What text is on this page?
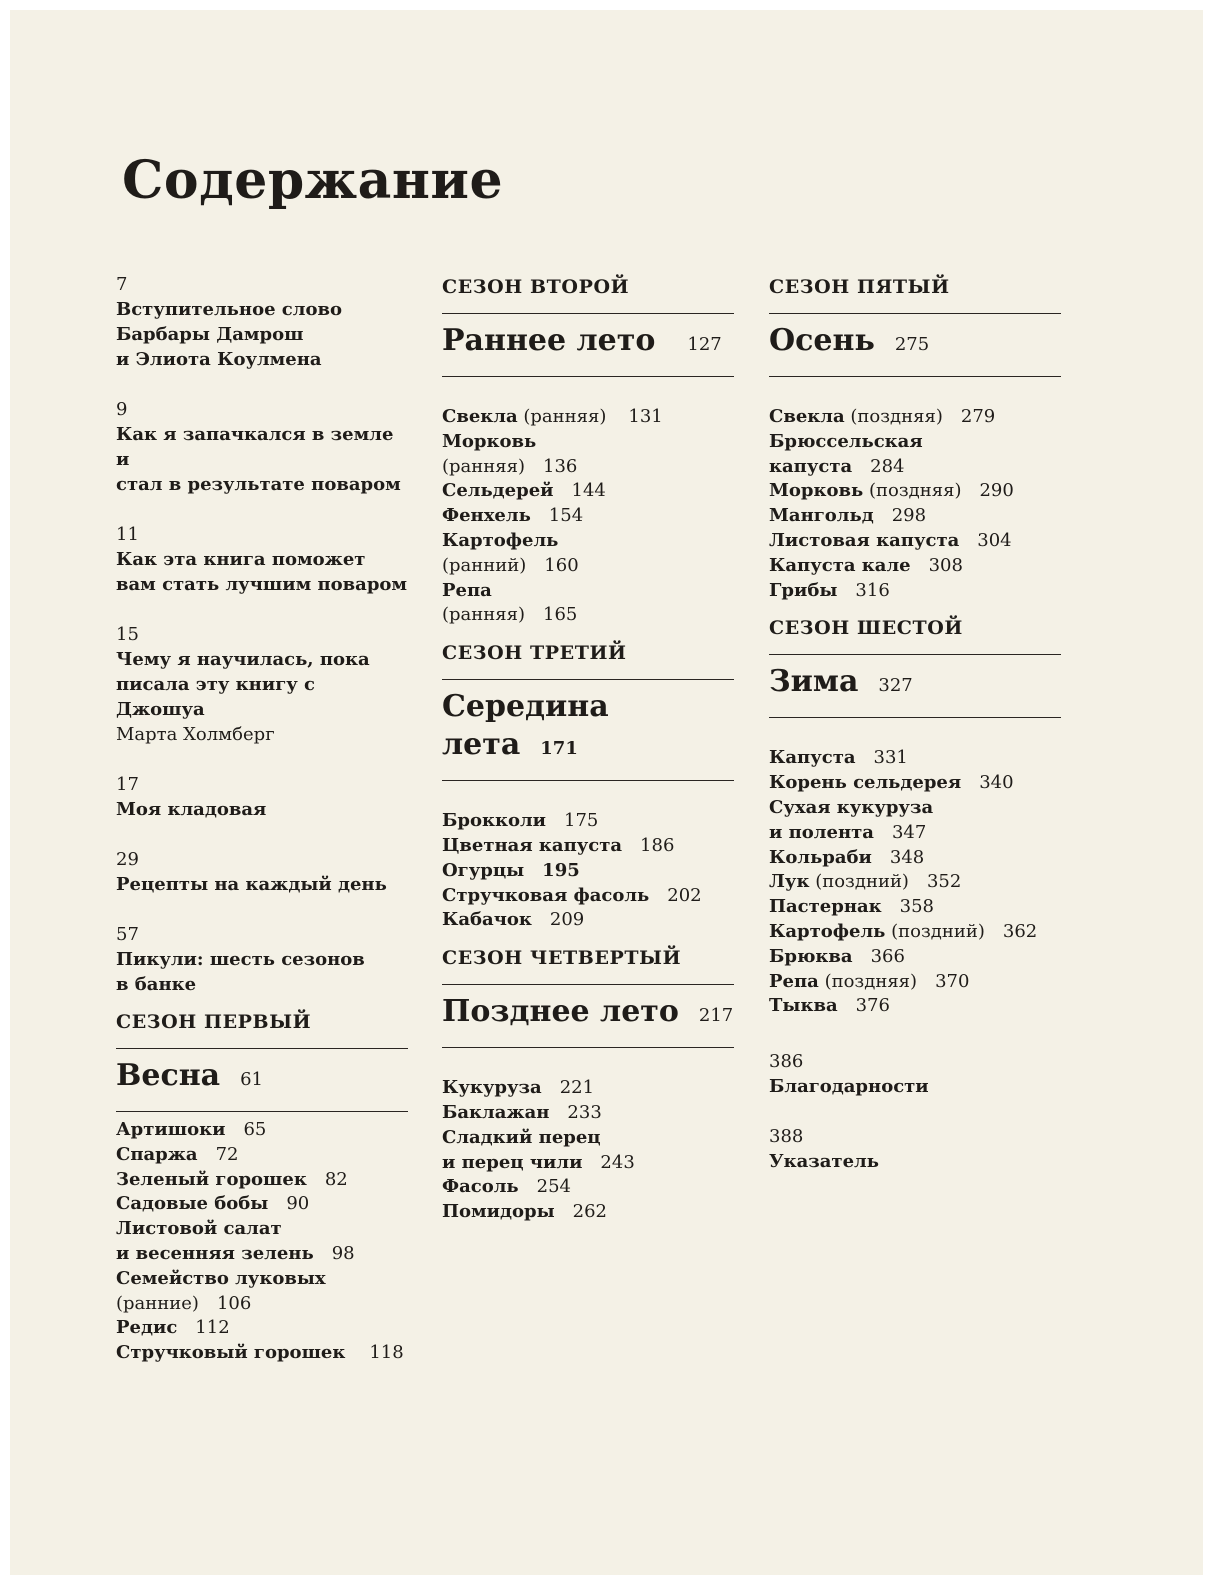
Содержание
7
Вступительное слово
Барбары Дамрош
и Элиота Коулмена
9
Как я запачкался в земле и
стал в результате поваром
11
Как эта книга поможет
вам стать лучшим поваром
15
Чему я научилась, пока
писала эту книгу с Джошуа
Марта Холмберг
17
Моя кладовая
29
Рецепты на каждый день
57
Пикули: шесть сезонов
в банке
СЕЗОН ПЕРВЫЙ
Весна 61
Артишоки 65
Спаржа 72
Зеленый горошек 82
Садовые бобы 90
Листовой салат
и весенняя зелень 98
Семейство луковых
(ранние) 106
Редис 112
Стручковый горошек 118
СЕЗОН ВТОРОЙ
Раннее лето 127
Свекла (ранняя) 131
Морковь
(ранняя) 136
Сельдерей 144
Фенхель 154
Картофель
(ранний) 160
Репа
(ранняя) 165
СЕЗОН ТРЕТИЙ
Середина
лета 171
Брокколи 175
Цветная капуста 186
Огурцы 195
Стручковая фасоль 202
Кабачок 209
СЕЗОН ЧЕТВЕРТЫЙ
Позднее лето 217
Кукуруза 221
Баклажан 233
Сладкий перец
и перец чили 243
Фасоль 254
Помидоры 262
СЕЗОН ПЯТЫЙ
Осень 275
Свекла (поздняя) 279
Брюссельская
капуста 284
Морковь (поздняя) 290
Мангольд 298
Листовая капуста 304
Капуста кале 308
Грибы 316
СЕЗОН ШЕСТОЙ
Зима 327
Капуста 331
Корень сельдерея 340
Сухая кукуруза
и полента 347
Кольраби 348
Лук (поздний) 352
Пастернак 358
Картофель (поздний) 362
Брюква 366
Репа (поздняя) 370
Тыква 376
386
Благодарности
388
Указатель
